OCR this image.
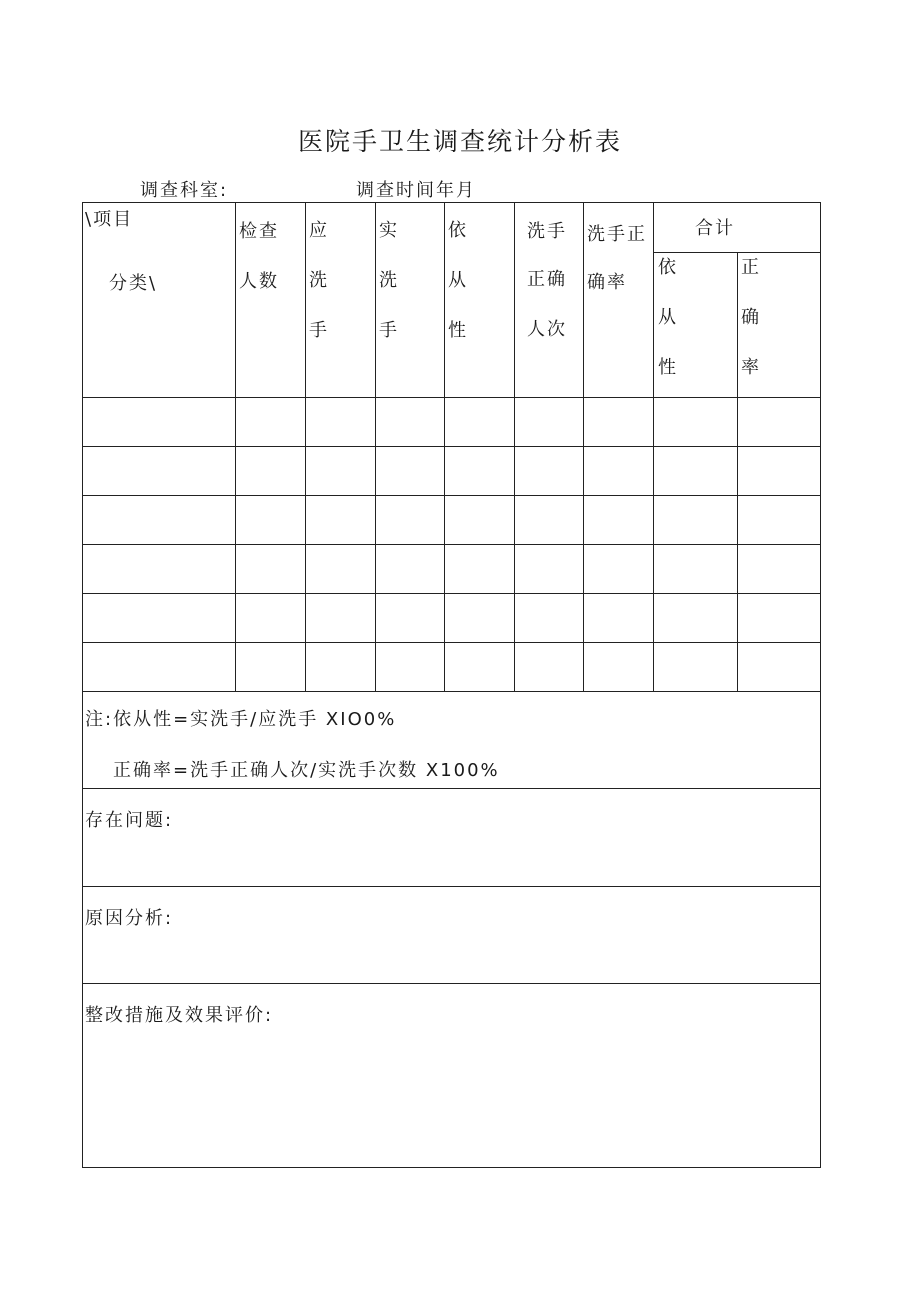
医院手卫生调查统计分析表
调查科室:	调查时间年月
\项目
分类\
检查
人数
应
洗
手
实
洗
手
依
从
性
洗手
正确
人次
洗手正
确率
合计
依
从
性
正
确
率
注:依从性=实洗手/应洗手 XIO0%
正确率=洗手正确人次/实洗手次数 X100%
存在问题:
原因分析:
整改措施及效果评价:
